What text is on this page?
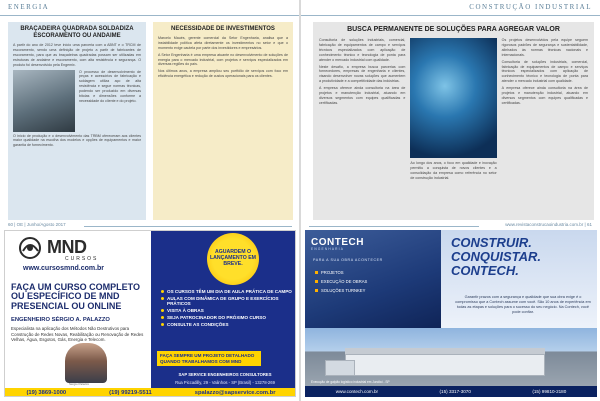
ENERGIA
BRAÇADEIRA QUADRADA SOLDADIZA ESCORAMENTO OU ANDAIME

A partir do ano de 2012 teve início uma parceria com a ABNT e o TRCM de escoramento, sendo uma definição de projeto a partir de fabricantes de escoramento, para que as braçadeiras quadradas possam ser utilizadas em estruturas de andaime e escoramento, com alta resistência e segurança. O produto foi desenvolvido pela Engemix.

O processo de desenvolvimento de peças e acessórios de fabricação e soldagem utiliza aço de alta resistência e segue normas técnicas, podendo ser produzido em diversas bitolas e dimensões conforme a necessidade do cliente e do projeto.

O início de produção e o desenvolvimento das TRBM ofereceram aos clientes maior qualidade na escolha dos modelos e opções de equipamentos e maior garantia de fornecimento.

NECESSIDADE DE INVESTIMENTOS

Marcelo Maués, gerente comercial da Setor Engenharia, analisa que a instabilidade política afeta diretamente os investimentos no setor e que o momento exige cautela por parte dos investidores e empresários.

A Setor Engenharia é uma empresa atuante no desenvolvimento de soluções de energia para o mercado industrial, com projetos e serviços especializados em diversas regiões do país.

Nos últimos anos, a empresa ampliou seu portfólio de serviços com foco em eficiência energética e redução de custos operacionais para os clientes.

60 | OE | Junho/Agosto 2017
MND
CURSOS
www.cursosmnd.com.br
FAÇA UM CURSO COMPLETO OU ESPECÍFICO DE MND PRESENCIAL OU ONLINE
ENGENHEIRO SÉRGIO A. PALAZZO
Especialista na aplicação dos Métodos Não Destrutivos para Construção de Redes Novas, Reabilitação ou Renovação de Redes Velhas, Água, Esgotos, Gás, Energia e Telecom.
Sérgio Palazzo
AGUARDEM O LANÇAMENTO EM BREVE.
OS CURSOS TÊM UM DIA DE AULA PRÁTICA DE CAMPO
AULAS COM DINÂMICA DE GRUPO E EXERCÍCIOS PRÁTICOS
VISITA À OBRAS
SEJA PATROCINADOR DO PRÓXIMO CURSO
CONSULTE AS CONDIÇÕES
FAÇA SEMPRE UM PROJETO DETALHADO QUANDO TRABALHAMOS COM MND
SAP SERVICE ENGENHEIROS CONSULTORES
Rua Piccadilly, 29 - Valinhos - SP (Brasil) - 13278-269
(19) 3869-1000	(19) 99219-5511	spalazzo@sapservice.com.br
CONSTRUÇÃO INDUSTRIAL
BUSCA PERMANENTE DE SOLUÇÕES PARA AGREGAR VALOR

Consultoria de soluções industriais, comercial, fabricação de equipamentos de campo e serviços técnicos especializados com aplicação de conhecimento técnico e tecnologia de ponta para atender o mercado industrial com qualidade.

Neste desafio, a empresa busca parcerias com fornecedores, empresas de engenharia e clientes, visando desenvolver novas soluções que aumentem a produtividade e a competitividade das indústrias.

A empresa oferece ainda consultoria na área de projetos e manutenção industrial, atuando em diversos segmentos com equipes qualificadas e certificadas.

Ao longo dos anos, o foco em qualidade e inovação permitiu a conquista de novos clientes e a consolidação da empresa como referência no setor de construção industrial.

Os projetos desenvolvidos pela equipe seguem rigorosos padrões de segurança e sustentabilidade, alinhados às normas técnicas nacionais e internacionais.

Consultoria de soluções industriais, comercial, fabricação de equipamentos de campo e serviços técnicos especializados com aplicação de conhecimento técnico e tecnologia de ponta para atender o mercado industrial com qualidade.

A empresa oferece ainda consultoria na área de projetos e manutenção industrial, atuando em diversos segmentos com equipes qualificadas e certificadas.

www.revistaconstrucaoindustria.com.br | 61
CONTECH
ENGENHARIA
PARA A SUA OBRA ACONTECER
PROJETOS
EXECUÇÃO DE OBRAS
SOLUÇÕES TURNKEY
CONSTRUIR. CONQUISTAR. CONTECH.
Garantir prazos com a segurança e qualidade que sua obra exige é o compromisso que a Contech assume com você. São 10 anos de experiência em todas as etapas e soluções para o sucesso do seu negócio. Na Contech, você pode confiar.
Execução de galpão logístico industrial em Jundiaí - SP
www.contech.com.br	(15) 3317-3070	(15) 99810-2180
